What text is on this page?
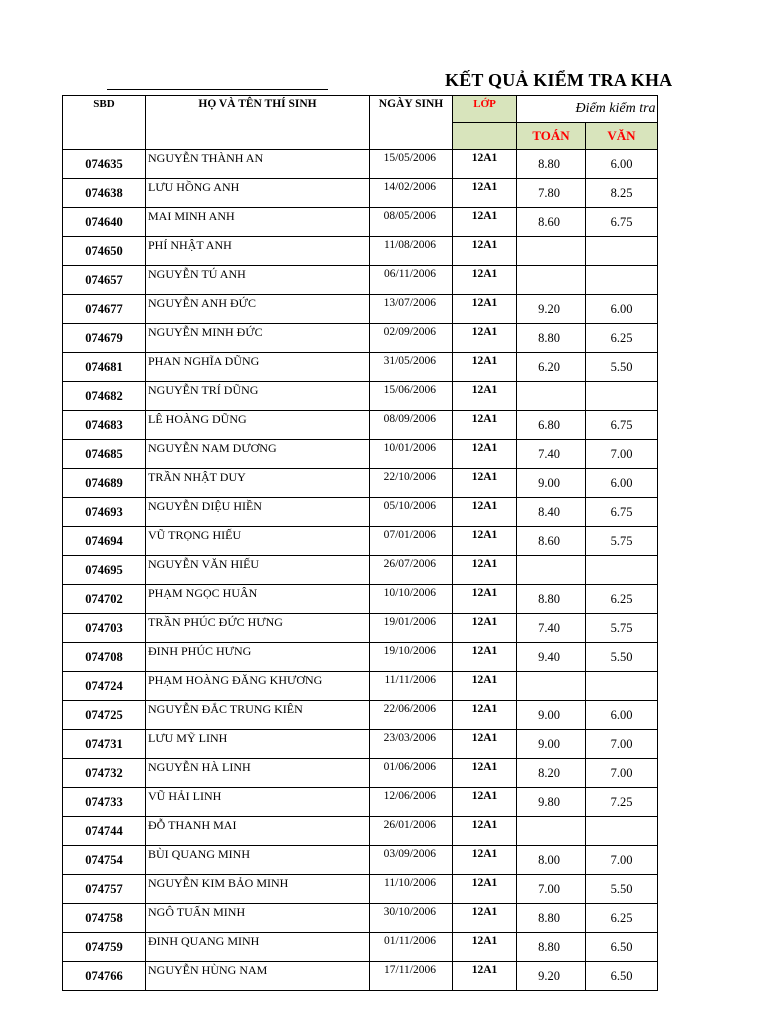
KẾT QUẢ KIỂM TRA KHA
SBD	HỌ VÀ TÊN THÍ SINH	NGÀY SINH	LỚP	Điểm kiểm tra	
				TOÁN	VĂN
074635	NGUYỄN THÀNH AN	15/05/2006	12A1	8.80	6.00
074638	LƯU HỒNG ANH	14/02/2006	12A1	7.80	8.25
074640	MAI MINH ANH	08/05/2006	12A1	8.60	6.75
074650	PHÍ NHẬT ANH	11/08/2006	12A1		
074657	NGUYỄN TÚ ANH	06/11/2006	12A1		
074677	NGUYỄN ANH ĐỨC	13/07/2006	12A1	9.20	6.00
074679	NGUYỄN MINH ĐỨC	02/09/2006	12A1	8.80	6.25
074681	PHAN NGHĨA DŨNG	31/05/2006	12A1	6.20	5.50
074682	NGUYỄN TRÍ DŨNG	15/06/2006	12A1		
074683	LÊ HOÀNG DŨNG	08/09/2006	12A1	6.80	6.75
074685	NGUYỄN NAM DƯƠNG	10/01/2006	12A1	7.40	7.00
074689	TRẦN NHẬT DUY	22/10/2006	12A1	9.00	6.00
074693	NGUYỄN DIỆU HIỀN	05/10/2006	12A1	8.40	6.75
074694	VŨ TRỌNG HIẾU	07/01/2006	12A1	8.60	5.75
074695	NGUYỄN VĂN HIẾU	26/07/2006	12A1		
074702	PHẠM NGỌC HUÂN	10/10/2006	12A1	8.80	6.25
074703	TRẦN PHÚC ĐỨC HƯNG	19/01/2006	12A1	7.40	5.75
074708	ĐINH PHÚC HƯNG	19/10/2006	12A1	9.40	5.50
074724	PHẠM HOÀNG ĐĂNG KHƯƠNG	11/11/2006	12A1		
074725	NGUYỄN ĐẮC TRUNG KIÊN	22/06/2006	12A1	9.00	6.00
074731	LƯU MỸ LINH	23/03/2006	12A1	9.00	7.00
074732	NGUYỄN HÀ LINH	01/06/2006	12A1	8.20	7.00
074733	VŨ HẢI LINH	12/06/2006	12A1	9.80	7.25
074744	ĐỖ THANH MAI	26/01/2006	12A1		
074754	BÙI QUANG MINH	03/09/2006	12A1	8.00	7.00
074757	NGUYỄN KIM BẢO MINH	11/10/2006	12A1	7.00	5.50
074758	NGÔ TUẤN MINH	30/10/2006	12A1	8.80	6.25
074759	ĐINH QUANG MINH	01/11/2006	12A1	8.80	6.50
074766	NGUYỄN HÙNG NAM	17/11/2006	12A1	9.20	6.50
